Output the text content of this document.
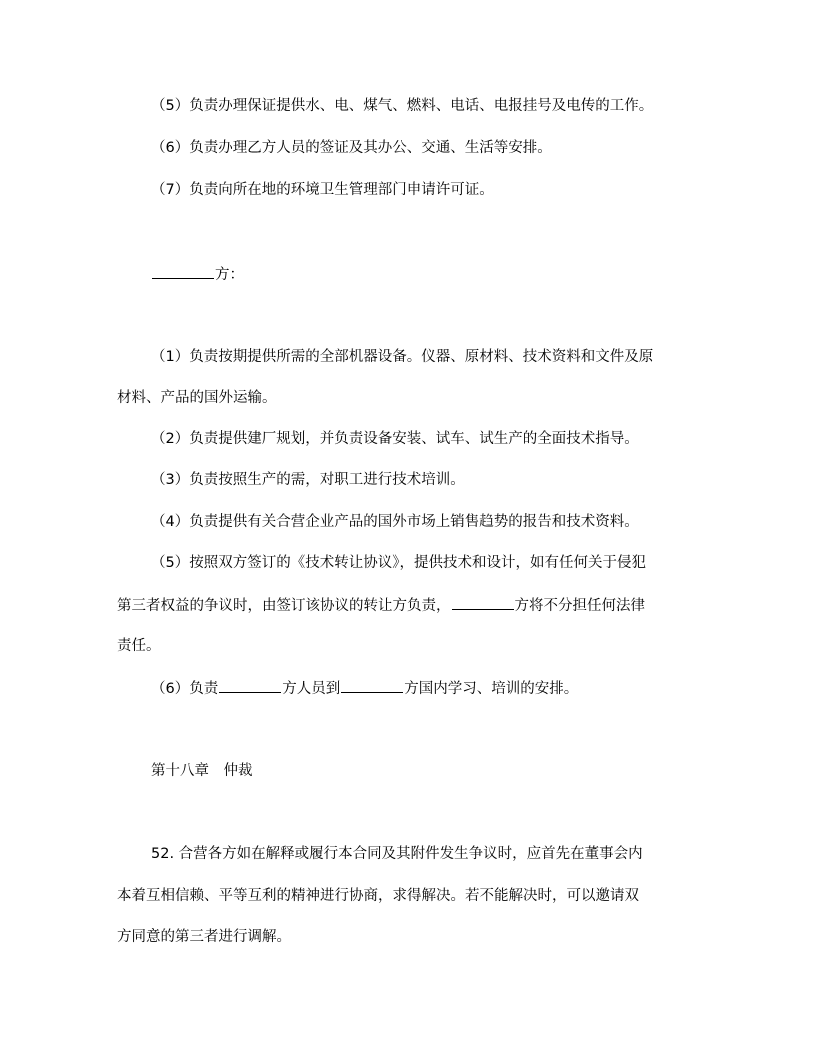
（5）负责办理保证提供水、电、煤气、燃料、电话、电报挂号及电传的工作。
（6）负责办理乙方人员的签证及其办公、交通、生活等安排。
（7）负责向所在地的环境卫生管理部门申请许可证。
方：
（1）负责按期提供所需的全部机器设备。仪器、原材料、技术资料和文件及原
材料、产品的国外运输。
（2）负责提供建厂规划，并负责设备安装、试车、试生产的全面技术指导。
（3）负责按照生产的需，对职工进行技术培训。
（4）负责提供有关合营企业产品的国外市场上销售趋势的报告和技术资料。
（5）按照双方签订的《技术转让协议》，提供技术和设计，如有任何关于侵犯
第三者权益的争议时，由签订该协议的转让方负责，	方将不分担任何法律
责任。
（6）负责	方人员到	方国内学习、培训的安排。
第十八章　仲裁
52. 合营各方如在解释或履行本合同及其附件发生争议时，应首先在董事会内
本着互相信赖、平等互利的精神进行协商，求得解决。若不能解决时，可以邀请双
方同意的第三者进行调解。
